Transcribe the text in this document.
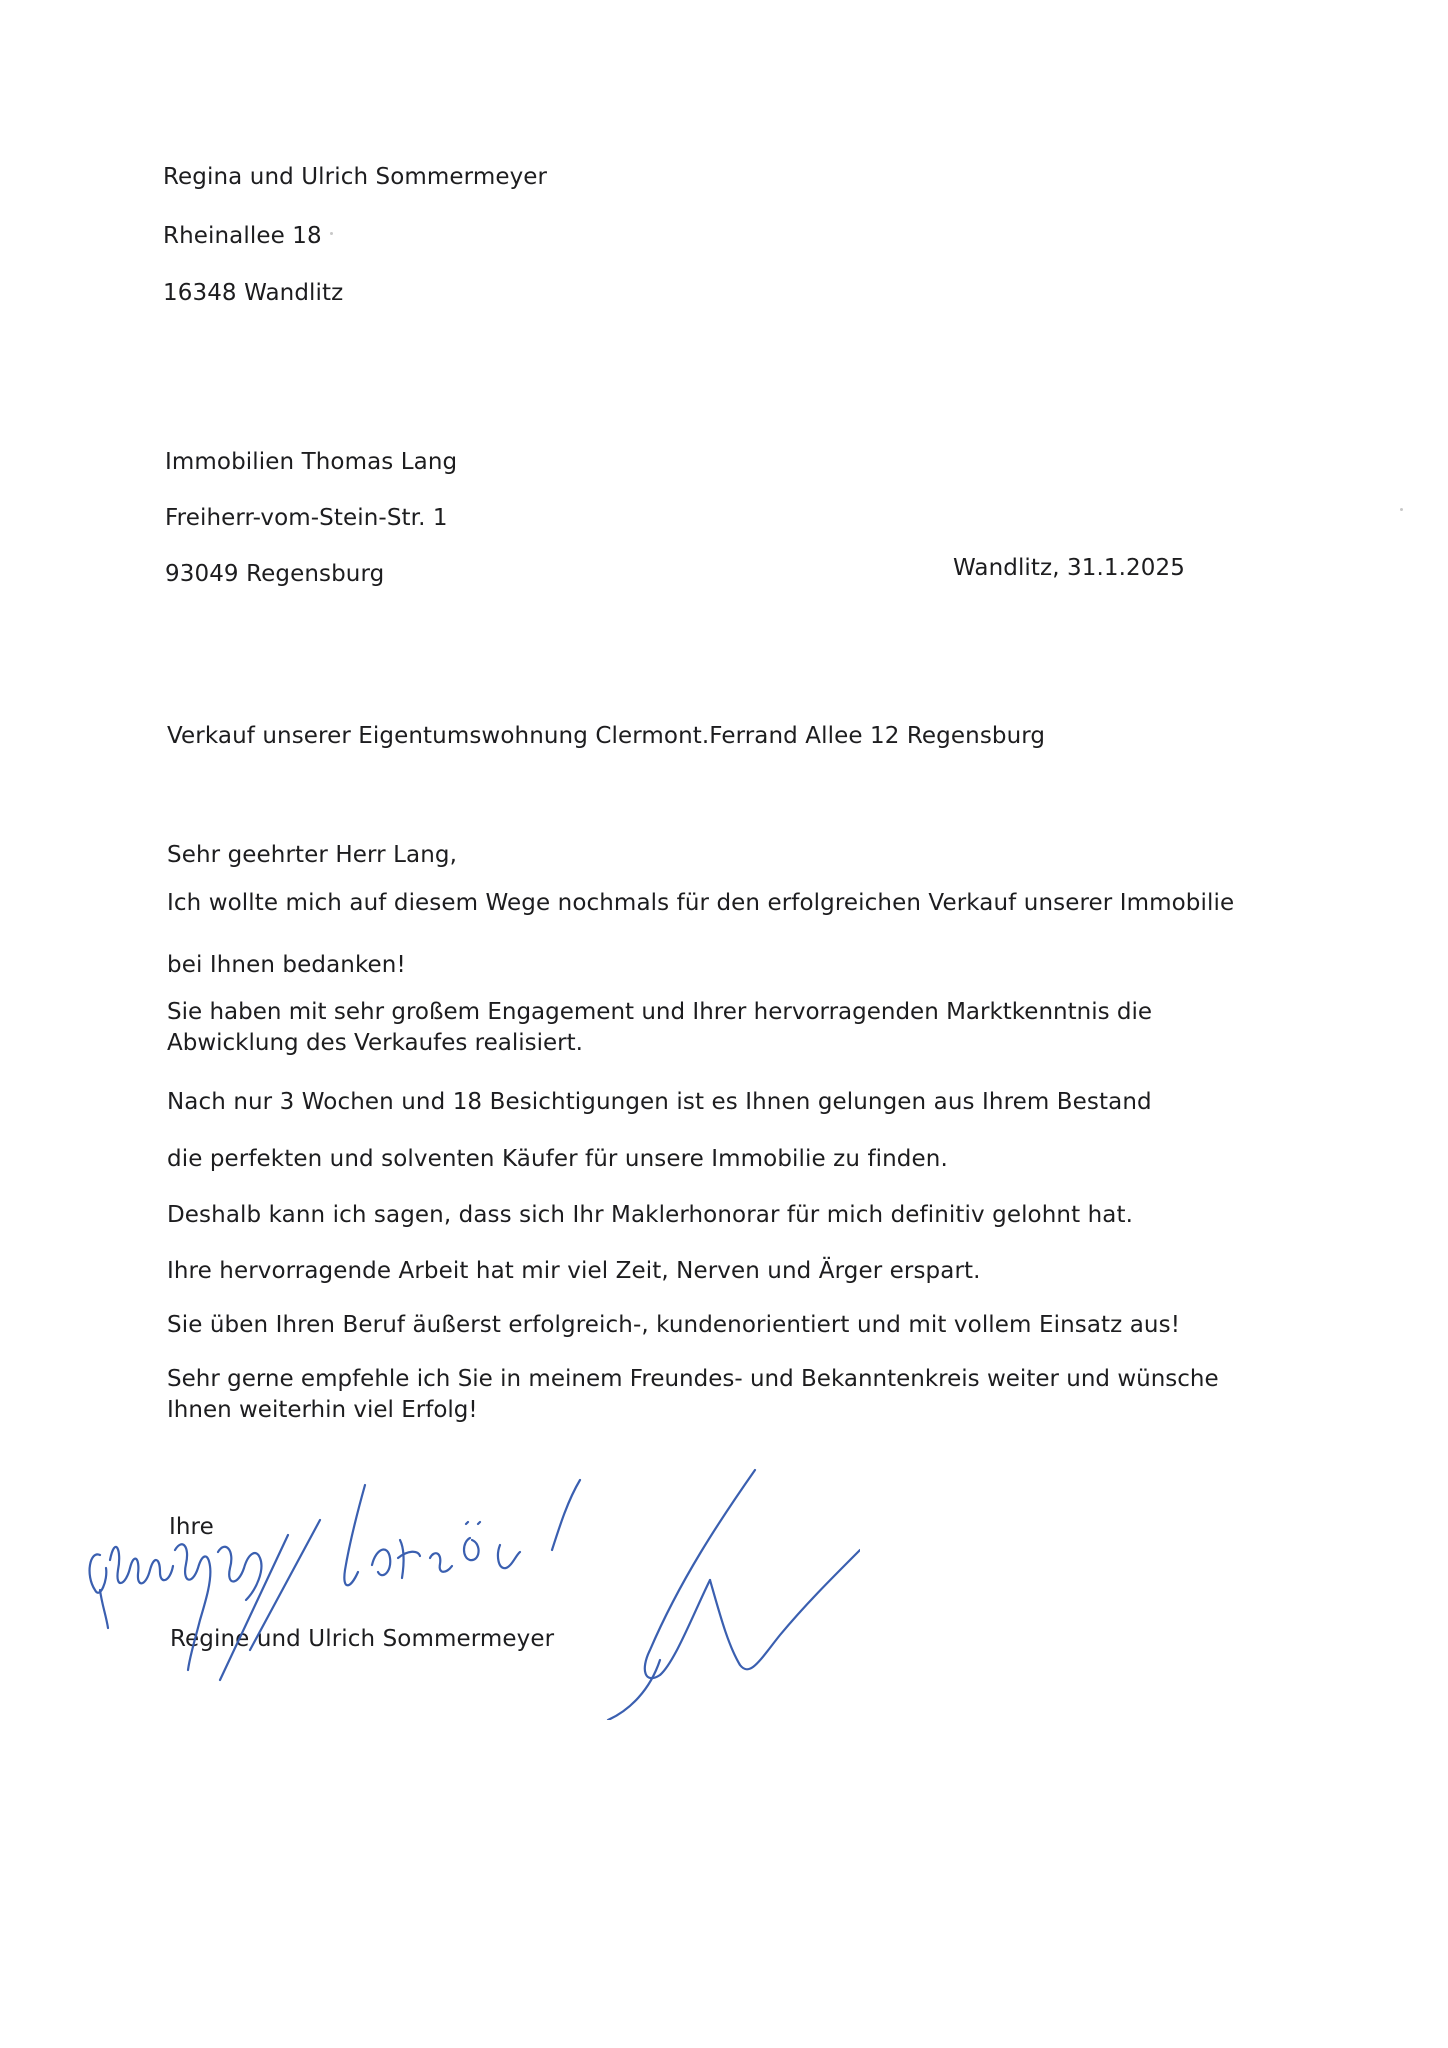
Regina und Ulrich Sommermeyer
Rheinallee 18
16348 Wandlitz
Immobilien Thomas Lang
Freiherr-vom-Stein-Str. 1
93049 Regensburg	Wandlitz, 31.1.2025
Verkauf unserer Eigentumswohnung Clermont.Ferrand Allee 12 Regensburg
Sehr geehrter Herr Lang,
Ich wollte mich auf diesem Wege nochmals für den erfolgreichen Verkauf unserer Immobilie
bei Ihnen bedanken!
Sie haben mit sehr großem Engagement und Ihrer hervorragenden Marktkenntnis die
Abwicklung des Verkaufes realisiert.
Nach nur 3 Wochen und 18 Besichtigungen ist es Ihnen gelungen aus Ihrem Bestand
die perfekten und solventen Käufer für unsere Immobilie zu finden.
Deshalb kann ich sagen, dass sich Ihr Maklerhonorar für mich definitiv gelohnt hat.
Ihre hervorragende Arbeit hat mir viel Zeit, Nerven und Ärger erspart.
Sie üben Ihren Beruf äußerst erfolgreich-, kundenorientiert und mit vollem Einsatz aus!
Sehr gerne empfehle ich Sie in meinem Freundes- und Bekanntenkreis weiter und wünsche
Ihnen weiterhin viel Erfolg!
Ihre
Regine und Ulrich Sommermeyer
